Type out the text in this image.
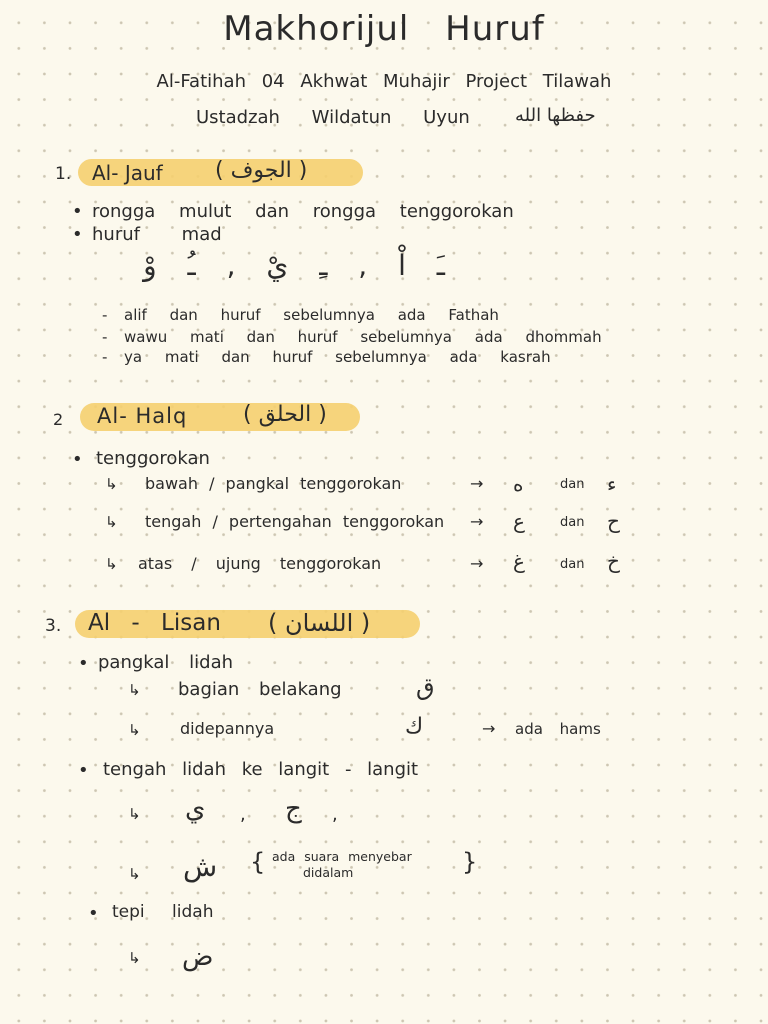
Makhorijul Huruf
Al-Fatihah 04 Akhwat Muhajir Project Tilawah
Ustadzah Wildatun Uyun	حفظها الله
1. Al- Jauf ( الجوف )
• rongga mulut dan rongga tenggorokan
• huruf mad
ـَ اْ , ـِ يْ , ـُ وْ
- alif dan huruf sebelumnya ada Fathah
- wawu mati dan huruf sebelumnya ada dhommah
- ya mati dan huruf sebelumnya ada kasrah
2 Al- Halq	( الحلق )
• tenggorokan
↳ bawah / pangkal tenggorokan	→ ه	dan ء
↳ tengah / pertengahan tenggorokan → ع	dan ح
↳ atas / ujung tenggorokan	→ غ	dan خ
3. Al - Lisan ( اللسان )
• pangkal lidah
↳ bagian belakang	ق
↳ didepannya	ك	→ ada hams
• tengah lidah ke langit - langit
↳ ي , ج ,
↳ ش { ada suara menyebar
didalam	}
• tepi lidah
↳ ض
